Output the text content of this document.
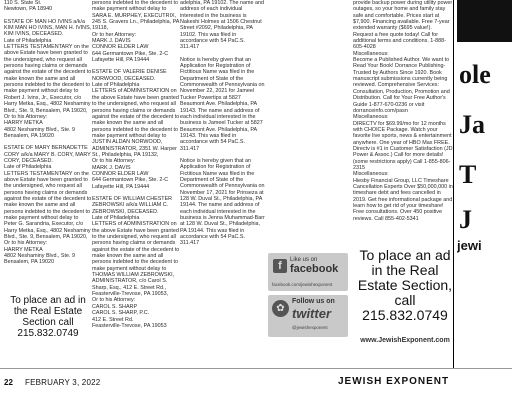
110 S. State St.
Newtown, PA 18940

ESTATE OF MAN HO IVINS a/k/a KIM MAN HO IVINS, MAN H. IVINS, KIM IVINS, DECEASED.
Late of Philadelphia
LETTERS TESTAMENTARY on the above Estate have been granted to the undersigned, who request all persons having claims or demands against the estate of the decedent to make known the same and all persons indebted to the decedent to make payment without delay to Robert J. Ivins, Jr., Executor, c/o Harry Metka, Esq., 4802 Neshaminy Blvd., Ste. 9, Bensalem, PA 19020,
Or to his Attorney:
HARRY METKA
4802 Neshaminy Blvd., Ste. 9
Bensalem, PA 19020

ESTATE OF MARY BERNADETTE CORY a/k/a MARY B. CORY, MARY CORY, DECEASED.
Late of Philadelphia
LETTERS TESTAMENTARY on the above Estate have been granted to the undersigned, who request all persons having claims or demands against the estate of the decedent to make known the same and all persons indebted to the decedent to make payment without delay to Peter G. Sarandria, Executor, c/o Harry Metka, Esq., 4802 Neshaminy Blvd., Ste. 9, Bensalem, PA 19020,
Or to his Attorney:
HARRY METKA
4802 Neshaminy Blvd., Ste. 9
Bensalem, PA 19020

persons indebted to the decedent to make payment without delay to SARA E. MURPHEY, EXECUTRIX, 245 S. Gravers Ln., Philadelphia, PA 19118,
Or to her Attorney:
MARK J. DAVIS
CONNOR ELDER LAW
644 Germantown Pike, Ste. 2-C
Lafayette Hill, PA 19444

ESTATE OF VALERIE DENISE NORWOOD, DECEASED.
Late of Philadelphia
LETTERS of ADMINISTRATION on the above Estate have been granted to the undersigned, who request all persons having claims or demands against the estate of the decedent to make known the same and all persons indebted to the decedent to make payment without delay to JUSTIN ALDAN NORWOOD, ADMINISTRATOR, 2351 W. Harper St., Philadelphia, PA 19132,
Or to his Attorney:
MARK J. DAVIS
CONNOR ELDER LAW
644 Germantown Pike, Ste. 2-C
Lafayette Hill, PA 19444

ESTATE OF WILLIAM CHESTER ZEBROWSKI a/k/a WILLIAM C. ZEBROWSKI, DECEASED.
Late of Philadelphia
LETTERS of ADMINISTRATION on the above Estate have been granted to the undersigned, who request all persons having claims or demands against the estate of the decedent to make known the same and all persons indebted to the decedent to make payment without delay to THOMAS WILLIAM ZEBROWSKI, ADMINISTRATOR, c/o Carol S. Sharp, Esq., 412 E. Street Rd., Feasterville-Trevose, PA 19053,
Or to his Attorney:
CAROL S. SHARP
CAROL S. SHARP, P.C.
412 E. Street Rd.
Feasterville-Trevose, PA 19053

adelphia, PA 19102. The name and address of each individual interested in the business is Nakeshi Holmes at 1506 Chestnut Street #2092, Philadelphia, PA 19102. This was filed in accordance with 54 PaC.S. 311.417

Notice is hereby given that an Application for Registration of Fictitious Name was filed in the Department of State of the Commonwealth of Pennsylvania on November 22, 2021 for Jameel Tucker Powertips at 5827 Beaumont Ave. Philadelphia, PA 19143. The name and address of each individual interested in the business is Jameel Tucker at 5827 Beaumont Ave. Philadelphia, PA 19143. This was filed in accordance with 54 PaC.S. 311.417

Notice is hereby given that an Application for Registration of Fictitious Name was filed in the Department of State of the Commonwealth of Pennsylvania on November 17, 2021 for Prinseza at 128 W. Duval St., Philadelphia, PA 19144. The name and address of each individual interested in the business is Jenna Muhammad-Barr at 128 W. Duval St., Philadelphia, PA 19144. This was filed in accordance with 54 PaC.S. 311.417

provide backup power during utility power outages, so your home and family stay safe and comfortable. Prices start at $7,900. Financing available. Free 7-year extended warranty ($695 value!). Request a free quote today! Call for additional terms and conditions. 1-888-605-4028
Miscellaneous:
Become a Published Author. We want to Read Your Book! Dorrance Publishing-Trusted by Authors Since 1920. Book manuscript submissions currently being reviewed. Comprehensive Services: Consultation, Production, Promotion and Distribution. Call for Your Free Author's Guide 1-877-670-0236 or visit dorranceinfo.com/pasn
Miscellaneous:
DIRECTV for $69.99/mo for 12 months with CHOICE Package. Watch your favorite live sports, news & entertainment anywhere. One year of HBO Max FREE. Directv is #1 in Customer Satisfaction (JD Power & Assoc.) Call for more details! (some restrictions apply) Call 1-855-806-2315
Miscellaneous:
Hiesby Financial Group, LLC Timeshare Cancellation Experts Over $50,000,000 in timeshare debt and fees cancelled in 2019. Get free informational package and learn how to get rid of your timeshare! Free consultations. Over 450 positive reviews. Call 855-402-5341

To place an ad in the Real Estate Section call 215.832.0749
f	Like us on
facebook
facebook.com/jewishexponent
✿
Follow us on
twitter
@jewishexponent
To place an ad in the Real Estate Section, call 215.832.0749
www.JewishExponent.com
ole
Ja
T
J
jewi
22 FEBRUARY 3, 2022	JEWISH EXPONENT
